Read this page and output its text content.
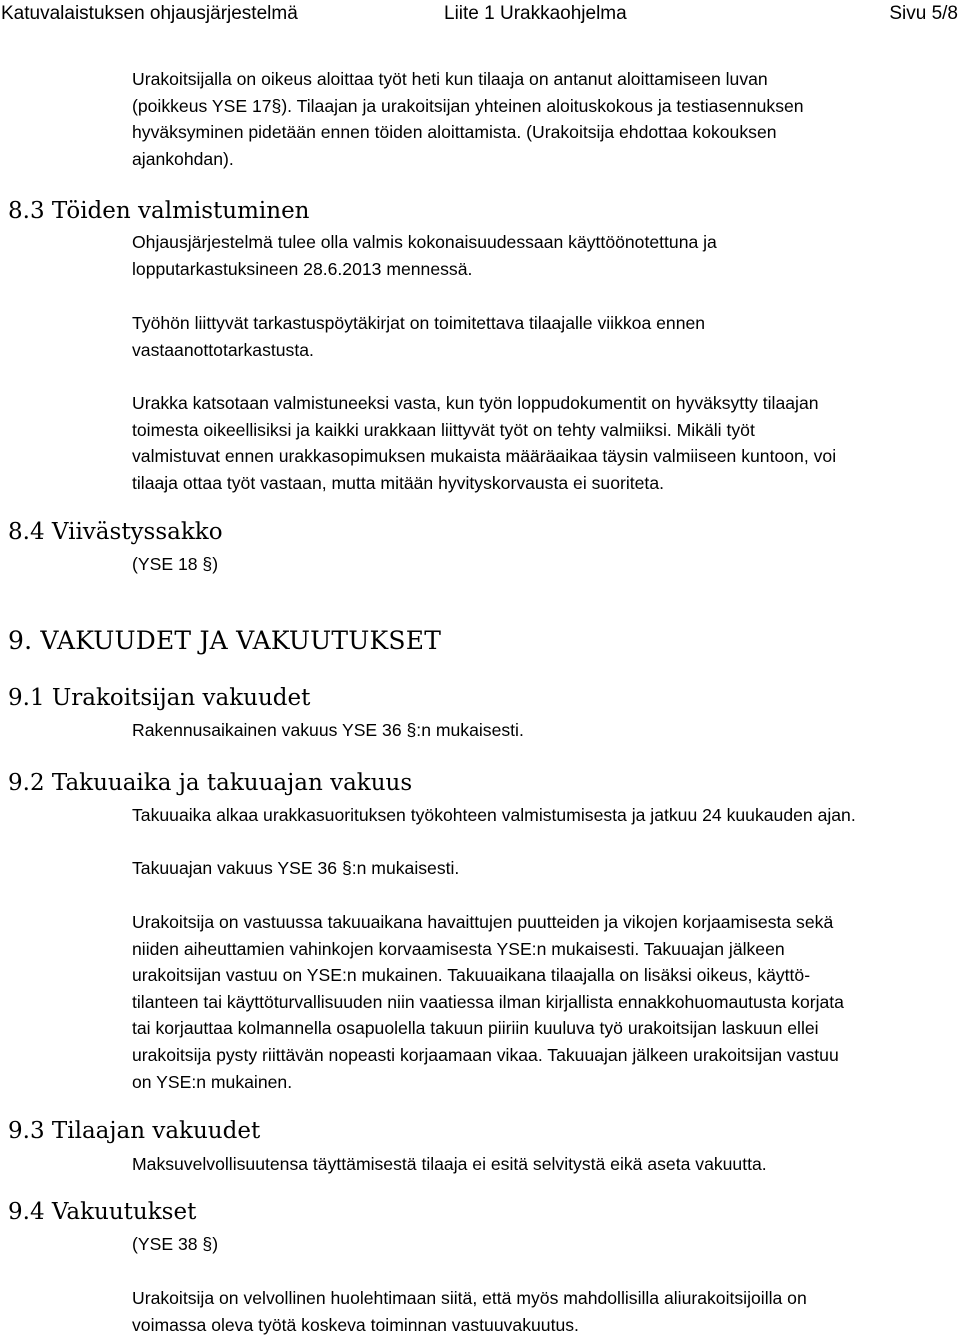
Katuvalaistuksen ohjausjärjestelmä	Liite 1 Urakkaohjelma	Sivu 5/8

Urakoitsijalla on oikeus aloittaa työt heti kun tilaaja on antanut aloittamiseen luvan

(poikkeus YSE 17§). Tilaajan ja urakoitsijan yhteinen aloituskokous ja testiasennuksen

hyväksyminen pidetään ennen töiden aloittamista. (Urakoitsija ehdottaa kokouksen

ajankohdan).

8.3 Töiden valmistuminen

Ohjausjärjestelmä tulee olla valmis kokonaisuudessaan käyttöönotettuna ja

lopputarkastuksineen 28.6.2013 mennessä.

Työhön liittyvät tarkastuspöytäkirjat on toimitettava tilaajalle viikkoa ennen

vastaanottotarkastusta.

Urakka katsotaan valmistuneeksi vasta, kun työn loppudokumentit on hyväksytty tilaajan

toimesta oikeellisiksi ja kaikki urakkaan liittyvät työt on tehty valmiiksi. Mikäli työt

valmistuvat ennen urakkasopimuksen mukaista määräaikaa täysin valmiiseen kuntoon, voi

tilaaja ottaa työt vastaan, mutta mitään hyvityskorvausta ei suoriteta.

8.4 Viivästyssakko

(YSE 18 §)

9. VAKUUDET JA VAKUUTUKSET
9.1 Urakoitsijan vakuudet

Rakennusaikainen vakuus YSE 36 §:n mukaisesti.

9.2 Takuuaika ja takuuajan vakuus

Takuuaika alkaa urakkasuorituksen työkohteen valmistumisesta ja jatkuu 24 kuukauden ajan.

Takuuajan vakuus YSE 36 §:n mukaisesti.

Urakoitsija on vastuussa takuuaikana havaittujen puutteiden ja vikojen korjaamisesta sekä

niiden aiheuttamien vahinkojen korvaamisesta YSE:n mukaisesti. Takuuajan jälkeen

urakoitsijan vastuu on YSE:n mukainen. Takuuaikana tilaajalla on lisäksi oikeus, käyttö-

tilanteen tai käyttöturvallisuuden niin vaatiessa ilman kirjallista ennakkohuomautusta korjata

tai korjauttaa kolmannella osapuolella takuun piiriin kuuluva työ urakoitsijan laskuun ellei

urakoitsija pysty riittävän nopeasti korjaamaan vikaa. Takuuajan jälkeen urakoitsijan vastuu

on YSE:n mukainen.

9.3 Tilaajan vakuudet

Maksuvelvollisuutensa täyttämisestä tilaaja ei esitä selvitystä eikä aseta vakuutta.

9.4 Vakuutukset

(YSE 38 §)

Urakoitsija on velvollinen huolehtimaan siitä, että myös mahdollisilla aliurakoitsijoilla on

voimassa oleva työtä koskeva toiminnan vastuuvakuutus.
